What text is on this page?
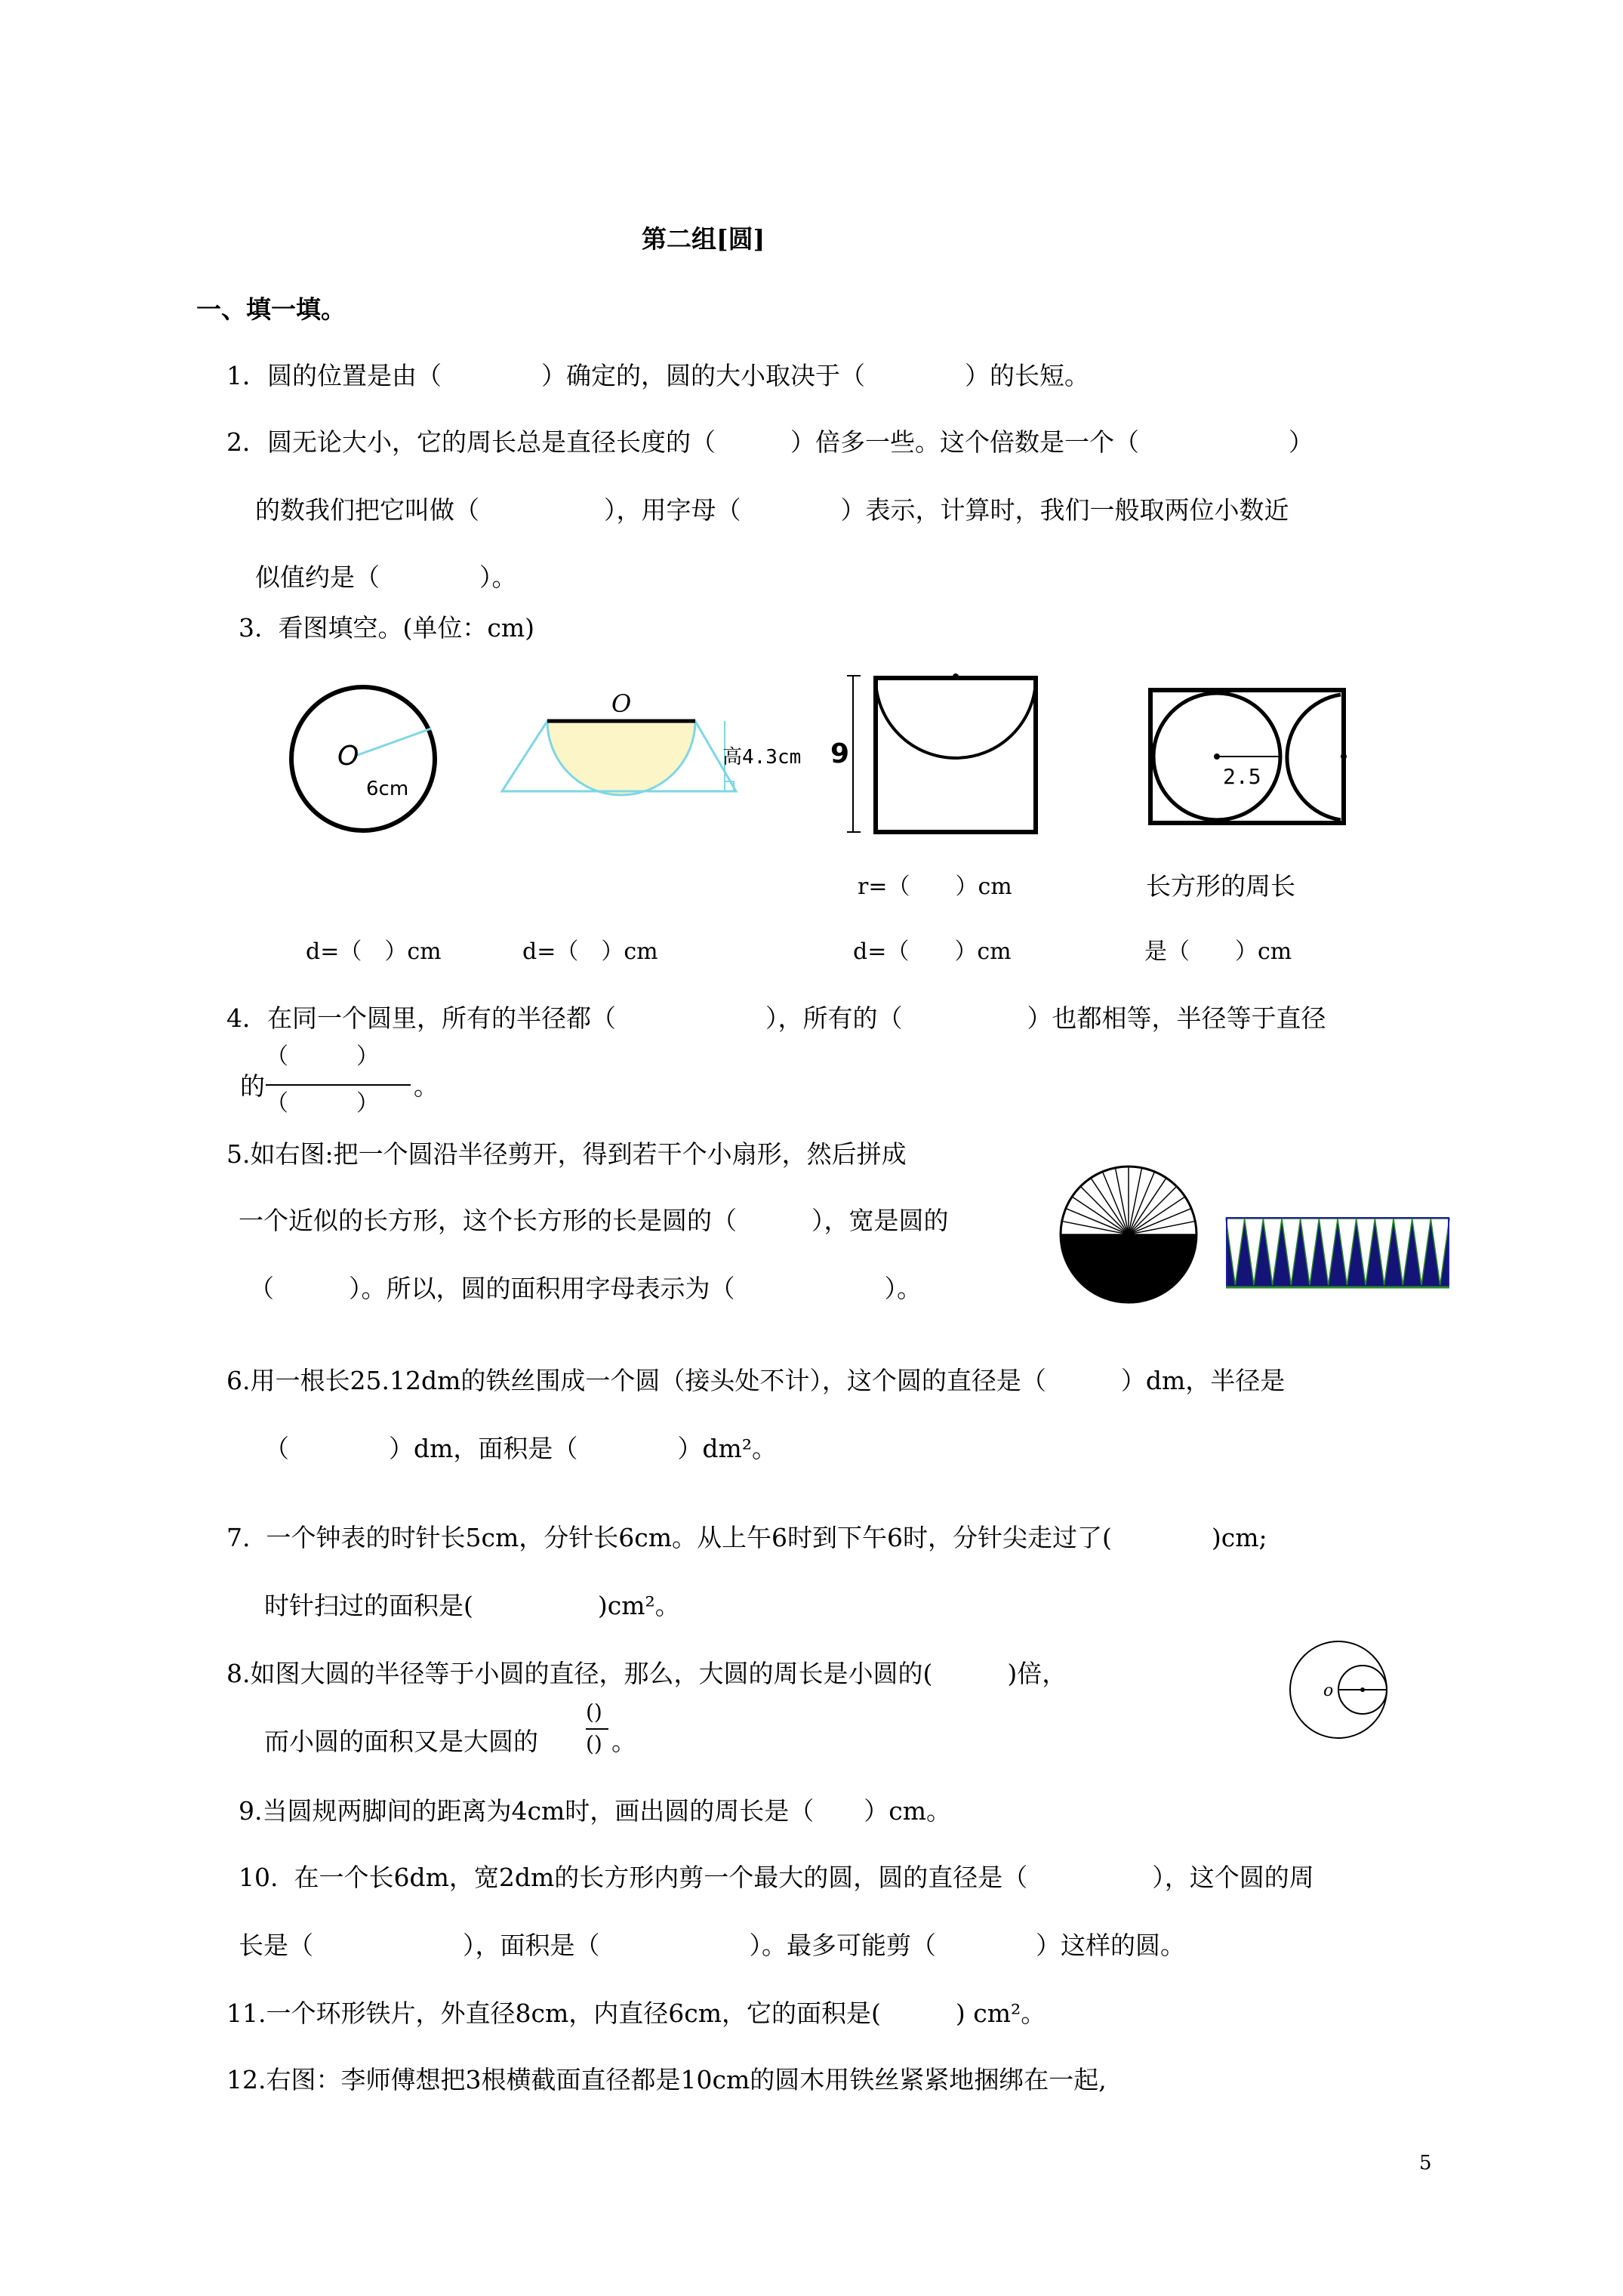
第二组[圆]
一、填一填。
1．圆的位置是由（　　　　）确定的，圆的大小取决于（　　　　）的长短。
2．圆无论大小，它的周长总是直径长度的（　　　）倍多一些。这个倍数是一个（　　　　　　）
的数我们把它叫做（　　　　　），用字母（　　　　）表示，计算时，我们一般取两位小数近
似值约是（　　　　）。
3.  看图填空。(单位：cm)
O
6cm
O
高4.3cm 9
r=（　　）cm
2.5
长方形的周长
d=（　）cm	d=（　）cm	d=（　　）cm	是（　　）cm
4．在同一个圆里，所有的半径都（　　　　　　），所有的（　　　　　）也都相等，半径等于直径
的
（　　　）
（　　　）
。
5.如右图:把一个圆沿半径剪开，得到若干个小扇形，然后拼成
一个近似的长方形，这个长方形的长是圆的（　　　），宽是圆的
（　　　）。所以，圆的面积用字母表示为（　　　　　　）。
6.用一根长25.12dm的铁丝围成一个圆（接头处不计），这个圆的直径是（　　　）dm，半径是
（　　　　）dm，面积是（　　　　）dm²。
7.  一个钟表的时针长5cm，分针长6cm。从上午6时到下午6时，分针尖走过了(　　　　)cm;
时针扫过的面积是(　　　　　)cm²。
8.如图大圆的半径等于小圆的直径，那么，大圆的周长是小圆的(　　　)倍，
而小圆的面积又是大圆的
()
() 。
o
9.当圆规两脚间的距离为4cm时，画出圆的周长是（　　）cm。
10.  在一个长6dm，宽2dm的长方形内剪一个最大的圆，圆的直径是（　　　　　），这个圆的周
长是（　　　　　　），面积是（　　　　　　）。最多可能剪（　　　　）这样的圆。
11.一个环形铁片，外直径8cm，内直径6cm，它的面积是(　　　) cm²。
12.右图：李师傅想把3根横截面直径都是10cm的圆木用铁丝紧紧地捆绑在一起,
5
